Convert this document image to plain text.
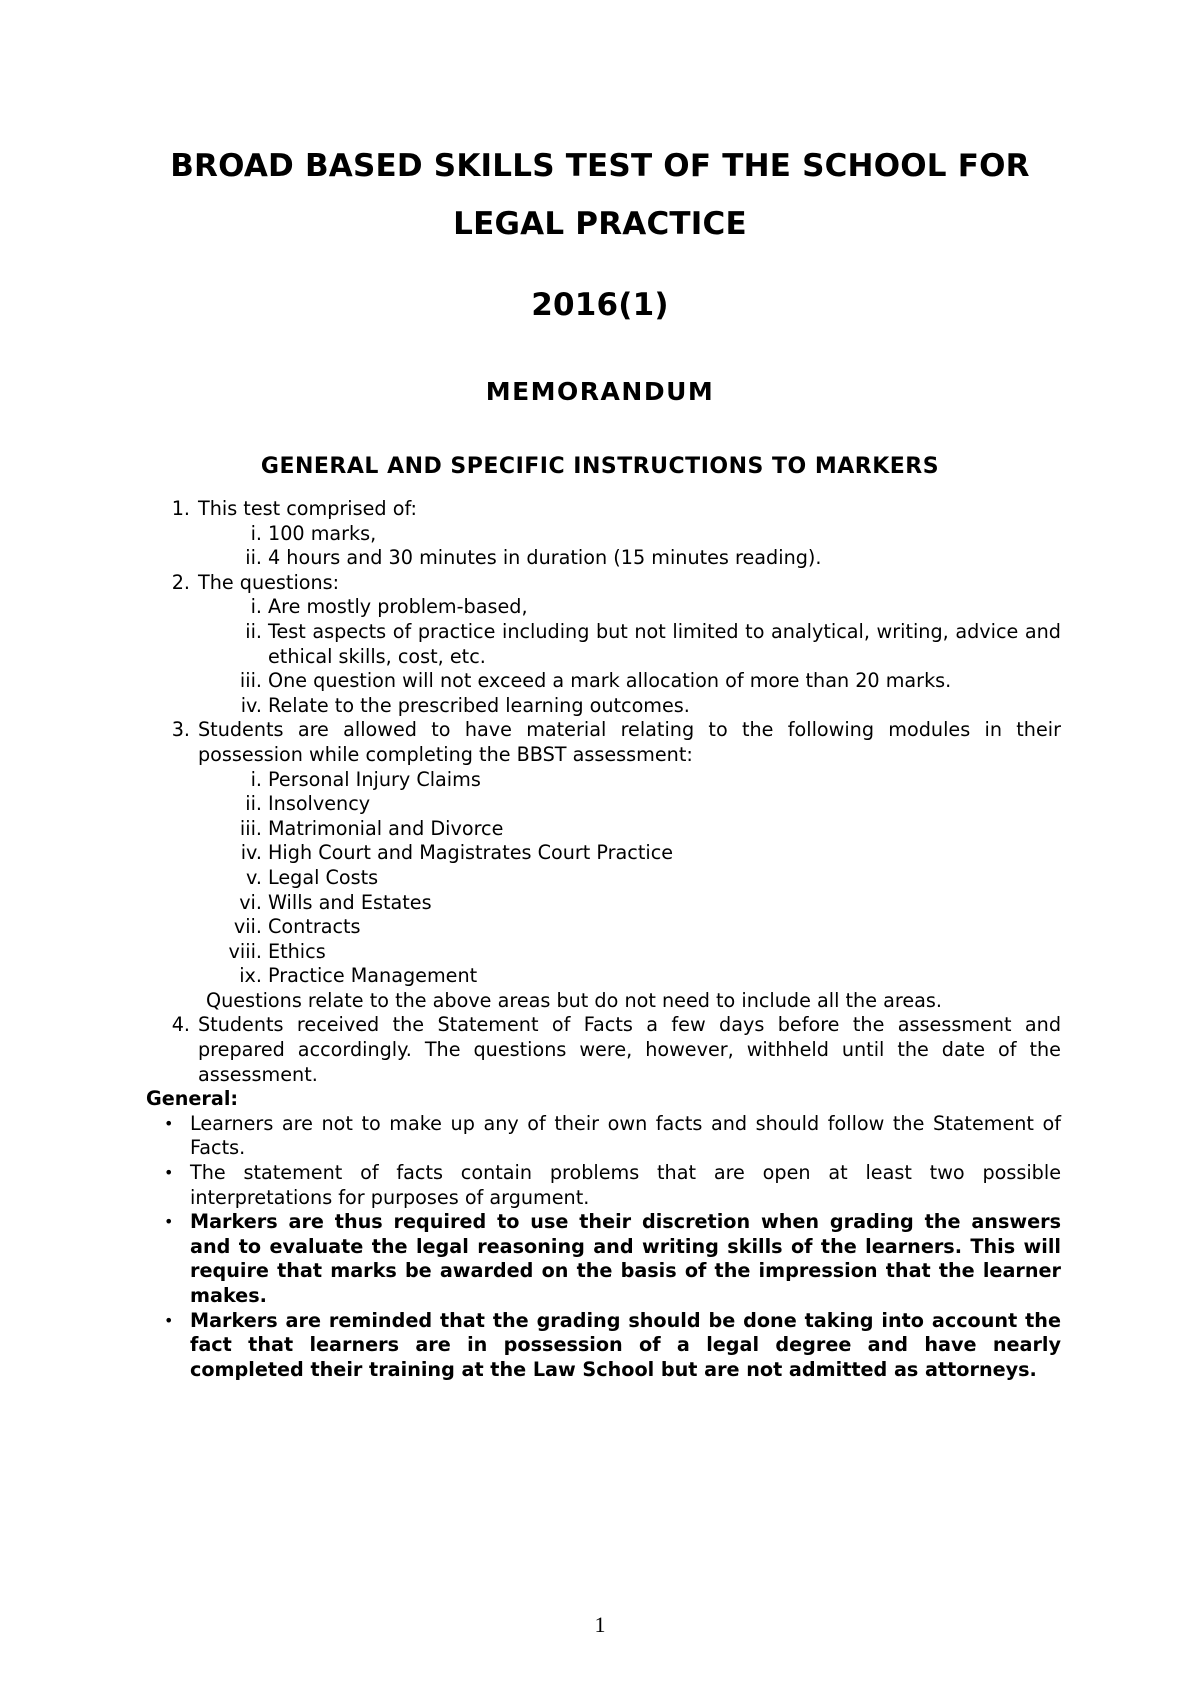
BROAD BASED SKILLS TEST OF THE SCHOOL FOR
LEGAL PRACTICE
2016(1)
MEMORANDUM
GENERAL AND SPECIFIC INSTRUCTIONS TO MARKERS
1. This test comprised of:
i. 100 marks,
ii. 4 hours and 30 minutes in duration (15 minutes reading).
2. The questions:
i. Are mostly problem-based,
ii. Test aspects of practice including but not limited to analytical, writing, advice and ethical skills, cost, etc.
iii. One question will not exceed a mark allocation of more than 20 marks.
iv. Relate to the prescribed learning outcomes.
3. Students are allowed to have material relating to the following modules in their possession while completing the BBST assessment:
i. Personal Injury Claims
ii. Insolvency
iii. Matrimonial and Divorce
iv. High Court and Magistrates Court Practice
v. Legal Costs
vi. Wills and Estates
vii. Contracts
viii. Ethics
ix. Practice Management
Questions relate to the above areas but do not need to include all the areas.
4. Students received the Statement of Facts a few days before the assessment and prepared accordingly. The questions were, however, withheld until the date of the assessment.
General:
• Learners are not to make up any of their own facts and should follow the Statement of Facts.
• The statement of facts contain problems that are open at least two possible interpretations for purposes of argument.
• Markers are thus required to use their discretion when grading the answers and to evaluate the legal reasoning and writing skills of the learners. This will require that marks be awarded on the basis of the impression that the learner makes.
• Markers are reminded that the grading should be done taking into account the fact that learners are in possession of a legal degree and have nearly completed their training at the Law School but are not admitted as attorneys.
1
